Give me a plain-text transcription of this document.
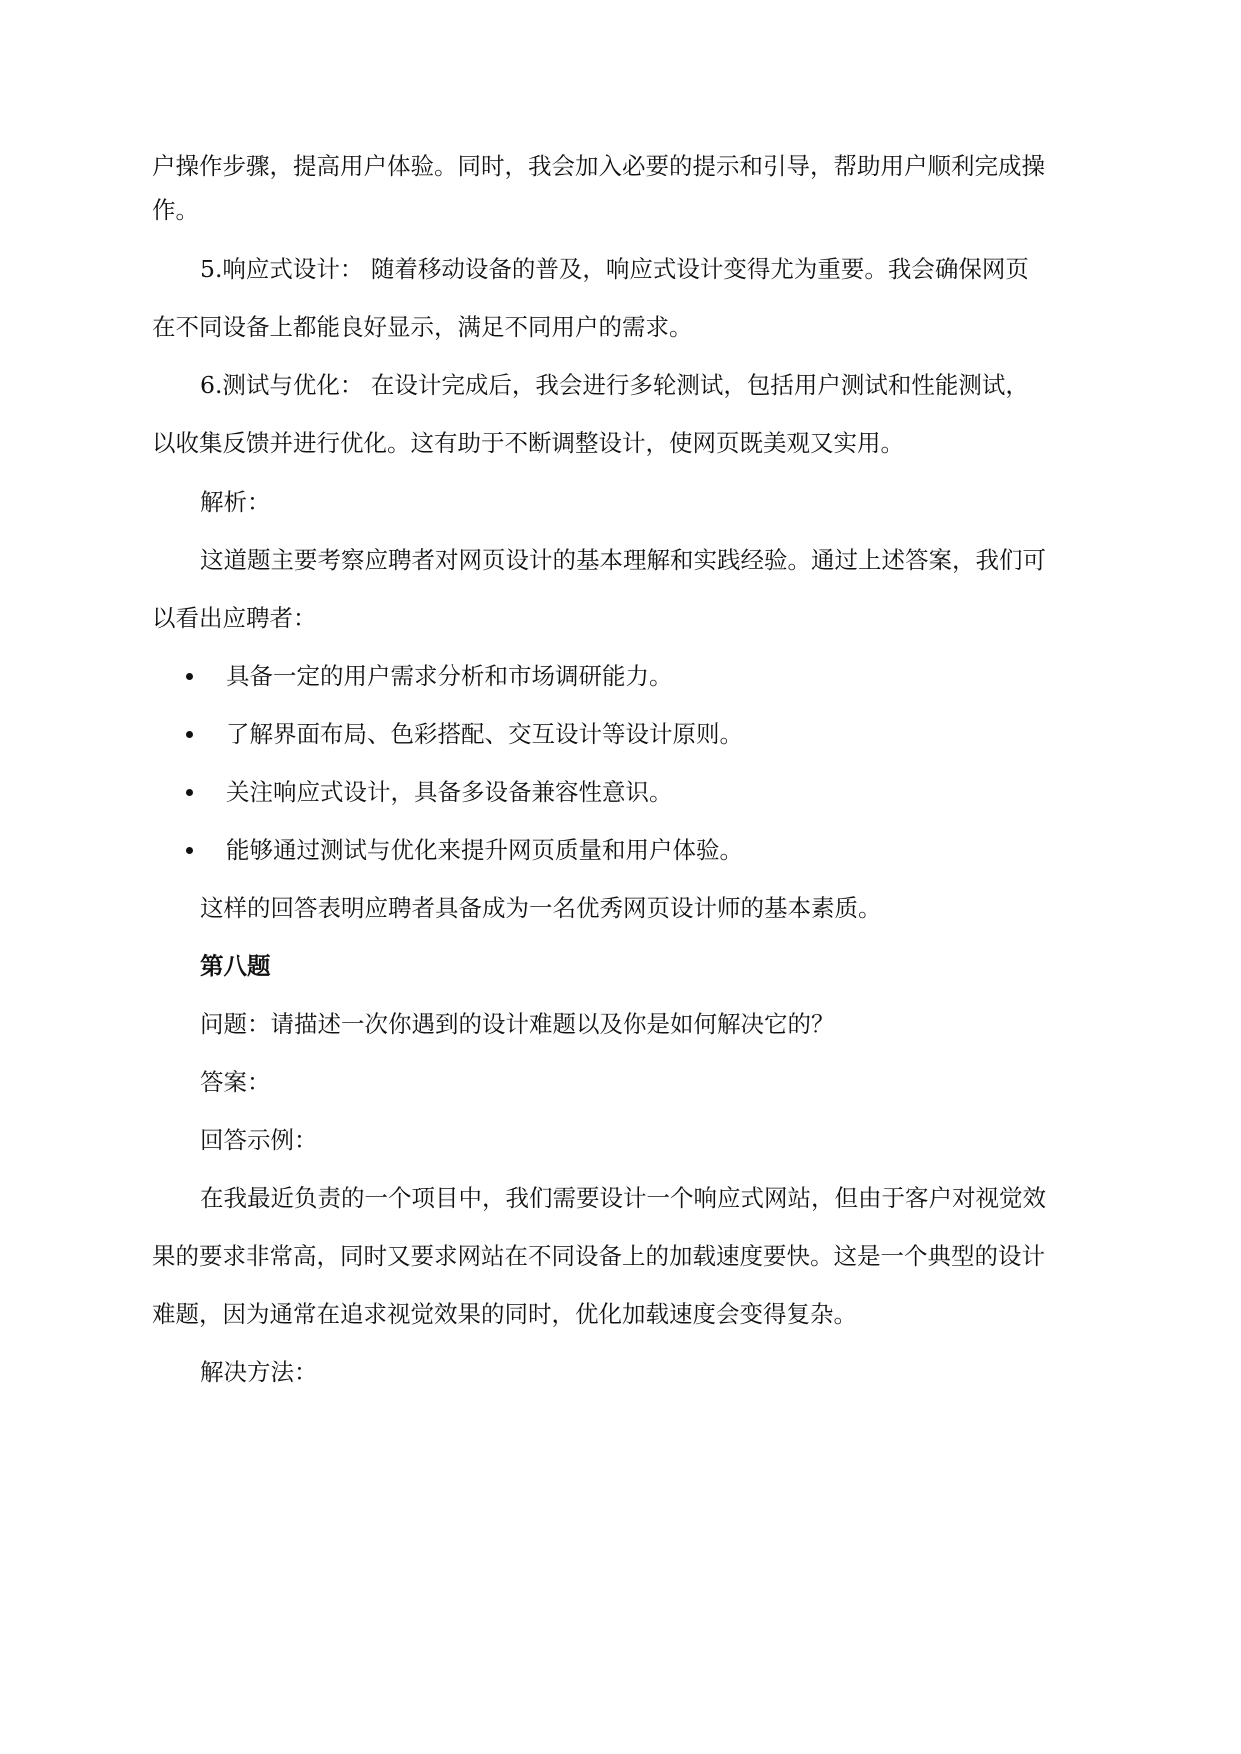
户操作步骤，提高用户体验。同时，我会加入必要的提示和引导，帮助用户顺利完成操
作。
5.响应式设计： 随着移动设备的普及，响应式设计变得尤为重要。我会确保网页
在不同设备上都能良好显示，满足不同用户的需求。
6.测试与优化： 在设计完成后，我会进行多轮测试，包括用户测试和性能测试，
以收集反馈并进行优化。这有助于不断调整设计，使网页既美观又实用。
解析：
这道题主要考察应聘者对网页设计的基本理解和实践经验。通过上述答案，我们可
以看出应聘者：
具备一定的用户需求分析和市场调研能力。
了解界面布局、色彩搭配、交互设计等设计原则。
关注响应式设计，具备多设备兼容性意识。
能够通过测试与优化来提升网页质量和用户体验。
这样的回答表明应聘者具备成为一名优秀网页设计师的基本素质。
第八题
问题：请描述一次你遇到的设计难题以及你是如何解决它的？
答案：
回答示例：
在我最近负责的一个项目中，我们需要设计一个响应式网站，但由于客户对视觉效
果的要求非常高，同时又要求网站在不同设备上的加载速度要快。这是一个典型的设计
难题，因为通常在追求视觉效果的同时，优化加载速度会变得复杂。
解决方法：
